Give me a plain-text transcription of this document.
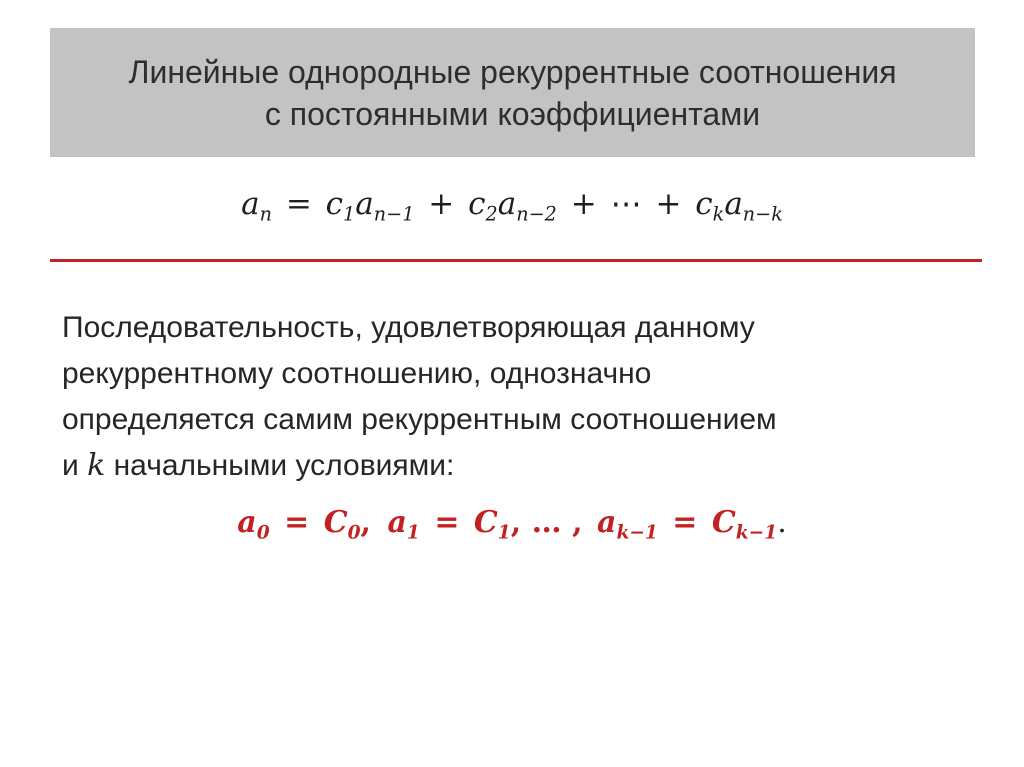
Линейные однородные рекуррентные соотношения
с постоянными коэффициентами
$a_n = c_1a_{n-1} + c_2a_{n-2}$ + ⋯ + $c_ka_{n-k}$
Последовательность, удовлетворяющая данному
рекуррентному соотношению, однозначно
определяется самим рекуррентным соотношением
и k начальными условиями:
$a_0 = C_0$, $a_1 = C_1$, … , $a_{k-1} = C_{k-1}$.
